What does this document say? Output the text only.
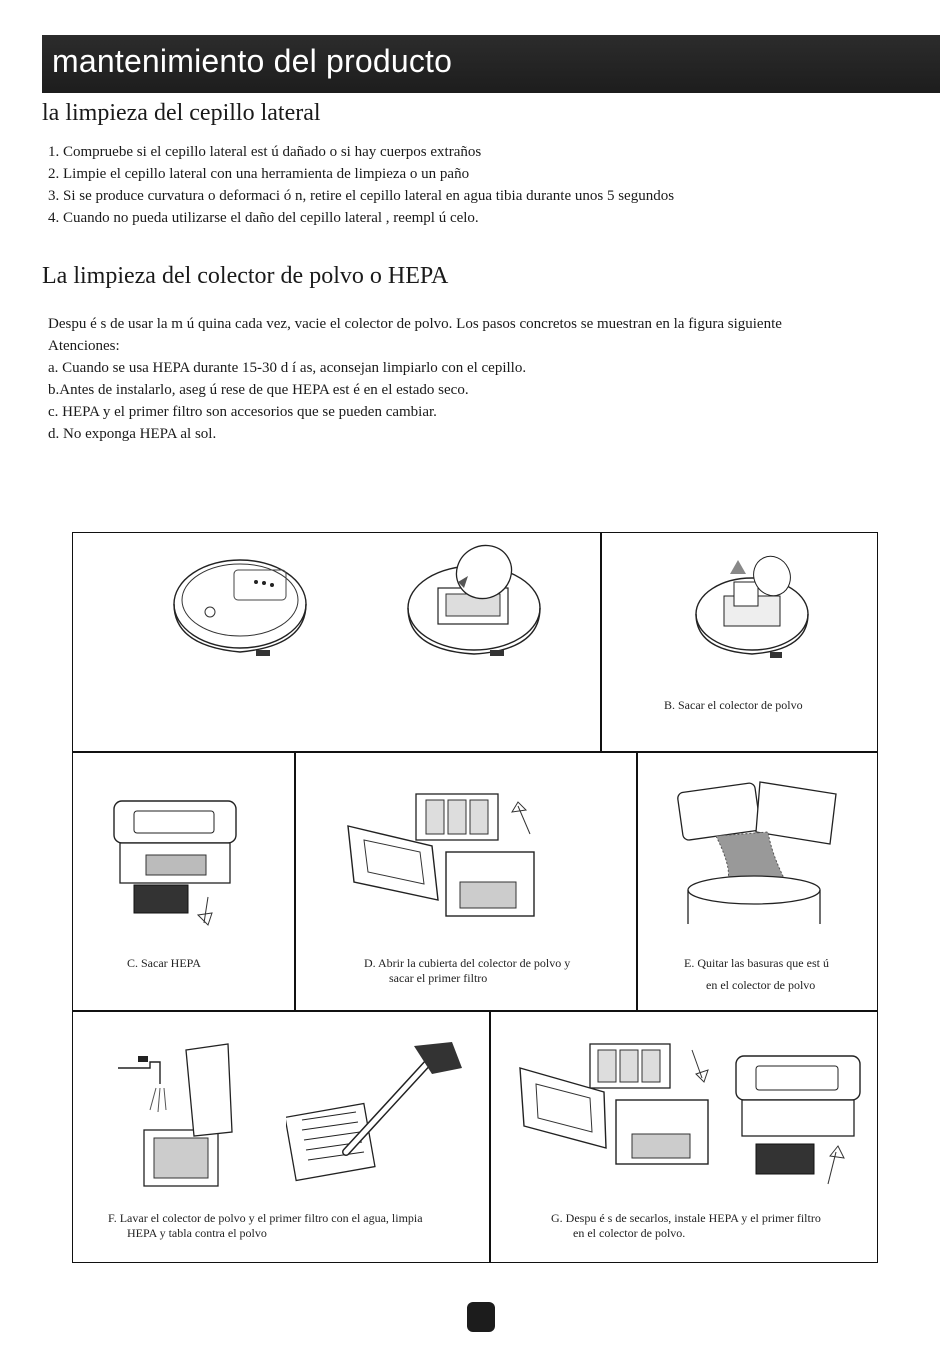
mantenimiento del producto
la limpieza del cepillo lateral
1. Compruebe si el cepillo lateral est ú dañado o si hay cuerpos extraños
2. Limpie el cepillo lateral con una herramienta de limpieza o un paño
3. Si se produce curvatura o deformaci ó n, retire el cepillo lateral en agua tibia durante unos 5 segundos
4. Cuando no pueda utilizarse el daño del cepillo lateral , reempl ú celo.
La limpieza del colector de polvo o HEPA
Despu é s de usar la m ú quina cada vez, vacie el colector de polvo. Los pasos concretos se muestran en la figura siguiente
Atenciones:
a. Cuando se usa HEPA durante 15-30 d í as, aconsejan limpiarlo con el cepillo.
b.Antes de instalarlo, aseg ú rese de que HEPA est é en el estado seco.
c. HEPA y el primer filtro son accesorios que se pueden cambiar.
d. No exponga HEPA al sol.
B. Sacar el colector de polvo
C. Sacar HEPA	D. Abrir la cubierta del colector de polvo y
sacar el primer filtro
E. Quitar las basuras que est ú
en el colector de polvo
F. Lavar el colector de polvo y el primer filtro con el agua, limpia
HEPA y tabla contra el polvo
G. Despu é s de secarlos, instale HEPA y el primer filtro
en el colector de polvo.
